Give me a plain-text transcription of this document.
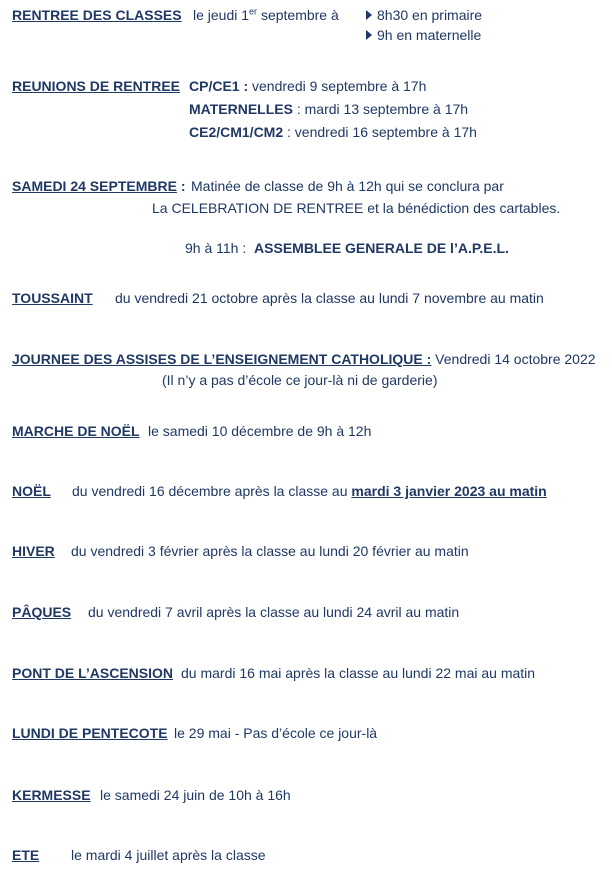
RENTREE DES CLASSES le jeudi 1er septembre à	8h30 en primaire
9h en maternelle
REUNIONS DE RENTREE CP/CE1 : vendredi 9 septembre à 17h
MATERNELLES : mardi 13 septembre à 17h
CE2/CM1/CM2 : vendredi 16 septembre à 17h
SAMEDI 24 SEPTEMBRE : Matinée de classe de 9h à 12h qui se conclura par
La CELEBRATION DE RENTREE et la bénédiction des cartables.
9h à 11h : ASSEMBLEE GENERALE DE l’A.P.E.L.
TOUSSAINT du vendredi 21 octobre après la classe au lundi 7 novembre au matin
JOURNEE DES ASSISES DE L’ENSEIGNEMENT CATHOLIQUE : Vendredi 14 octobre 2022
(Il n’y a pas d’école ce jour-là ni de garderie)
MARCHE DE NOËL le samedi 10 décembre de 9h à 12h
NOËL du vendredi 16 décembre après la classe au mardi 3 janvier 2023 au matin
HIVER du vendredi 3 février après la classe au lundi 20 février au matin
PÂQUES du vendredi 7 avril après la classe au lundi 24 avril au matin
PONT DE L’ASCENSION du mardi 16 mai après la classe au lundi 22 mai au matin
LUNDI DE PENTECOTE le 29 mai - Pas d’école ce jour-là
KERMESSE le samedi 24 juin de 10h à 16h
ETE le mardi 4 juillet après la classe
